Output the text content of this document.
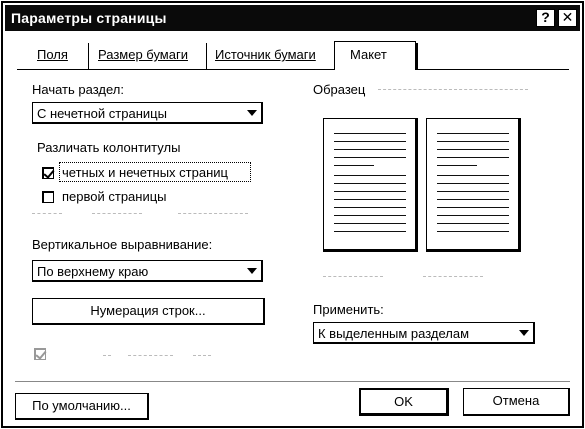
Параметры страницы	? ✕
Поля Размер бумаги Источник бумаги	Макет
Начать раздел:
С нечетной страницы
Различать колонтитулы
четных и нечетных страниц
первой страницы
Вертикальное выравнивание:
По верхнему краю
Нумерация строк...
Образец
Применить:
К выделенным разделам
По умолчанию...	OK	Отмена
